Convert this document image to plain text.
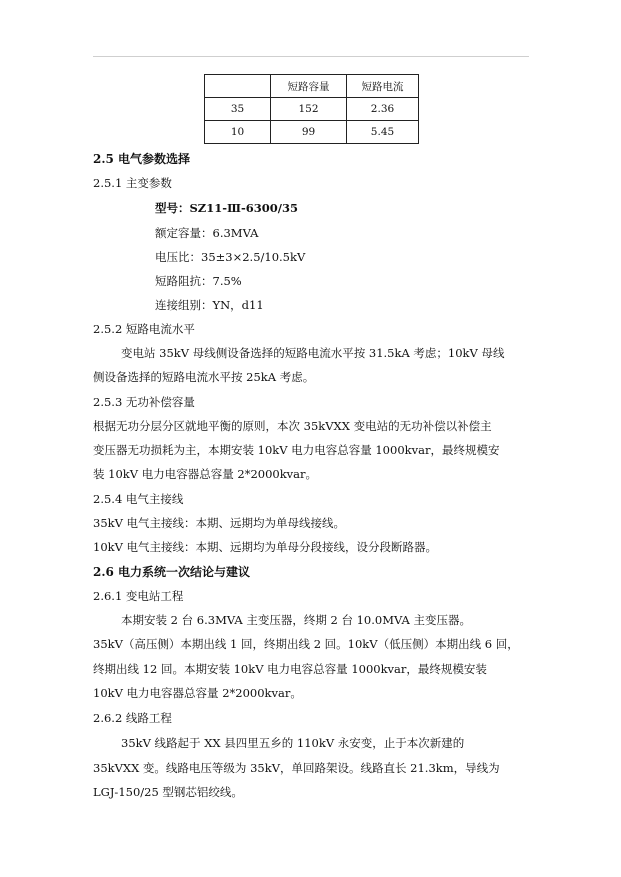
	短路容量	短路电流
35	152	2.36
10	99	5.45
2.5 电气参数选择
2.5.1 主变参数
型号：SZ11-Ⅲ-6300/35
额定容量：6.3MVA
电压比：35±3×2.5/10.5kV
短路阻抗：7.5%
连接组别：YN，d11
2.5.2 短路电流水平
变电站 35kV 母线侧设备选择的短路电流水平按 31.5kA 考虑；10kV 母线
侧设备选择的短路电流水平按 25kA 考虑。
2.5.3 无功补偿容量
根据无功分层分区就地平衡的原则，本次 35kVXX 变电站的无功补偿以补偿主
变压器无功损耗为主，本期安装 10kV 电力电容总容量 1000kvar，最终规模安
装 10kV 电力电容器总容量 2*2000kvar。
2.5.4 电气主接线
35kV 电气主接线：本期、远期均为单母线接线。
10kV 电气主接线：本期、远期均为单母分段接线，设分段断路器。
2.6 电力系统一次结论与建议
2.6.1 变电站工程
本期安装 2 台 6.3MVA 主变压器，终期 2 台 10.0MVA 主变压器。
35kV（高压侧）本期出线 1 回，终期出线 2 回。10kV（低压侧）本期出线 6 回，
终期出线 12 回。本期安装 10kV 电力电容总容量 1000kvar，最终规模安装
10kV 电力电容器总容量 2*2000kvar。
2.6.2 线路工程
35kV 线路起于 XX 县四里五乡的 110kV 永安变，止于本次新建的
35kVXX 变。线路电压等级为 35kV，单回路架设。线路直长 21.3km，导线为
LGJ-150/25 型钢芯铝绞线。
